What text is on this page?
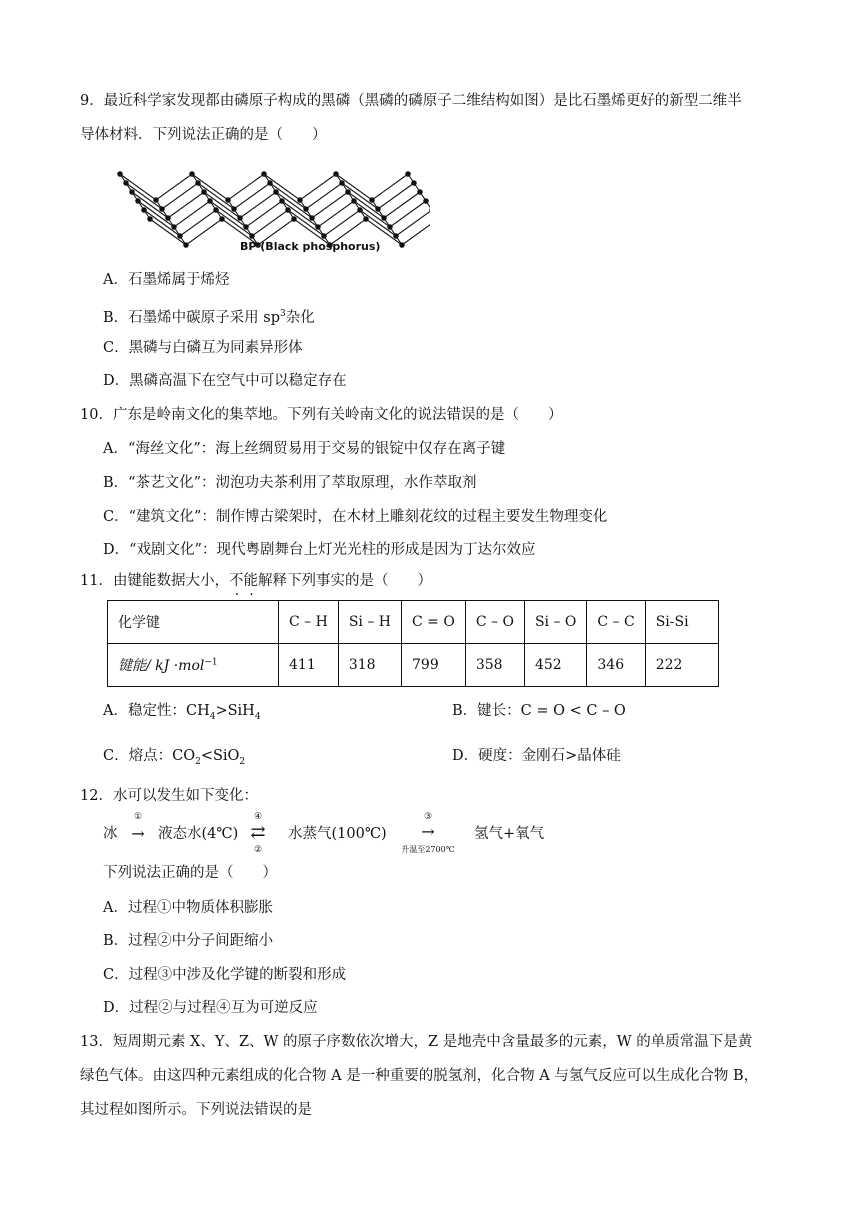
9．最近科学家发现都由磷原子构成的黑磷（黑磷的磷原子二维结构如图）是比石墨烯更好的新型二维半
导体材料．下列说法正确的是（　　）
BP (Black phosphorus)
A．石墨烯属于烯烃
B．石墨烯中碳原子采用 $sp^3$杂化
C．黑磷与白磷互为同素异形体
D．黑磷高温下在空气中可以稳定存在
10．广东是岭南文化的集萃地。下列有关岭南文化的说法错误的是（　　）
A．“海丝文化”：海上丝绸贸易用于交易的银锭中仅存在离子键
B．“茶艺文化”：沏泡功夫茶利用了萃取原理，水作萃取剂
C．“建筑文化”：制作博古梁架时，在木材上雕刻花纹的过程主要发生物理变化
D．“戏剧文化”：现代粤剧舞台上灯光光柱的形成是因为丁达尔效应
11．由键能数据大小，不能解释下列事实的是（　　）
化学键	C – H	Si – H	C = O	C – O	Si – O	C – C	Si-Si
键能/ kJ ·mol$^{-1}$	411	318	799	358	452	346	222
A．稳定性：$CH_4>SiH_4$	B．键长：C = O < C – O
C．熔点：$CO_2<SiO_2$	D．硬度：金刚石>晶体硅
12．水可以发生如下变化：
冰
①
→ 液态水(4℃)
④
⇄
②
水蒸气(100℃)
③
→
升温至2700℃
氢气+氧气
下列说法正确的是（　　）
A．过程①中物质体积膨胀
B．过程②中分子间距缩小
C．过程③中涉及化学键的断裂和形成
D．过程②与过程④互为可逆反应
13．短周期元素 X、Y、Z、W 的原子序数依次增大，Z 是地壳中含量最多的元素，W 的单质常温下是黄
绿色气体。由这四种元素组成的化合物 A 是一种重要的脱氢剂，化合物 A 与氢气反应可以生成化合物 B，
其过程如图所示。下列说法错误的是
